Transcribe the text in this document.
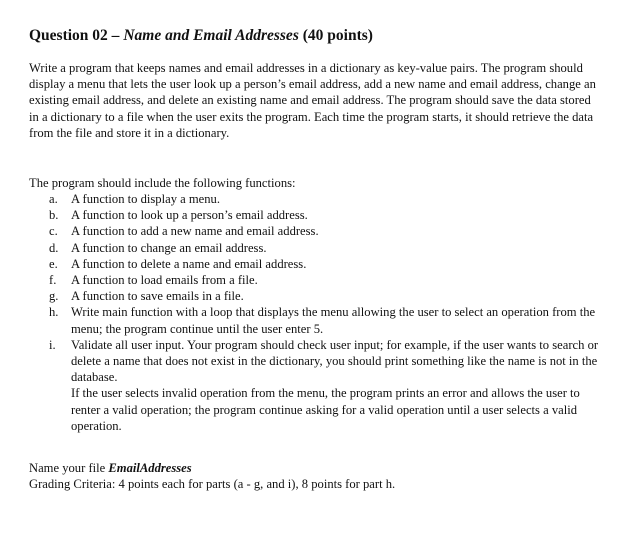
Question 02 – Name and Email Addresses (40 points)
Write a program that keeps names and email addresses in a dictionary as key-value pairs. The program should display a menu that lets the user look up a person’s email address, add a new name and email address, change an existing email address, and delete an existing name and email address. The program should save the data stored in a dictionary to a file when the user exits the program. Each time the program starts, it should retrieve the data from the file and store it in a dictionary.
The program should include the following functions:
a. A function to display a menu.
b. A function to look up a person’s email address.
c. A function to add a new name and email address.
d. A function to change an email address.
e. A function to delete a name and email address.
f. A function to load emails from a file.
g. A function to save emails in a file.
h. Write main function with a loop that displays the menu allowing the user to select an operation from the menu; the program continue until the user enter 5.
i. Validate all user input. Your program should check user input; for example, if the user wants to search or delete a name that does not exist in the dictionary, you should print something like the name is not in the database.
If the user selects invalid operation from the menu, the program prints an error and allows the user to renter a valid operation; the program continue asking for a valid operation until a user selects a valid operation.
Name your file EmailAddresses
Grading Criteria: 4 points each for parts (a - g, and i), 8 points for part h.
